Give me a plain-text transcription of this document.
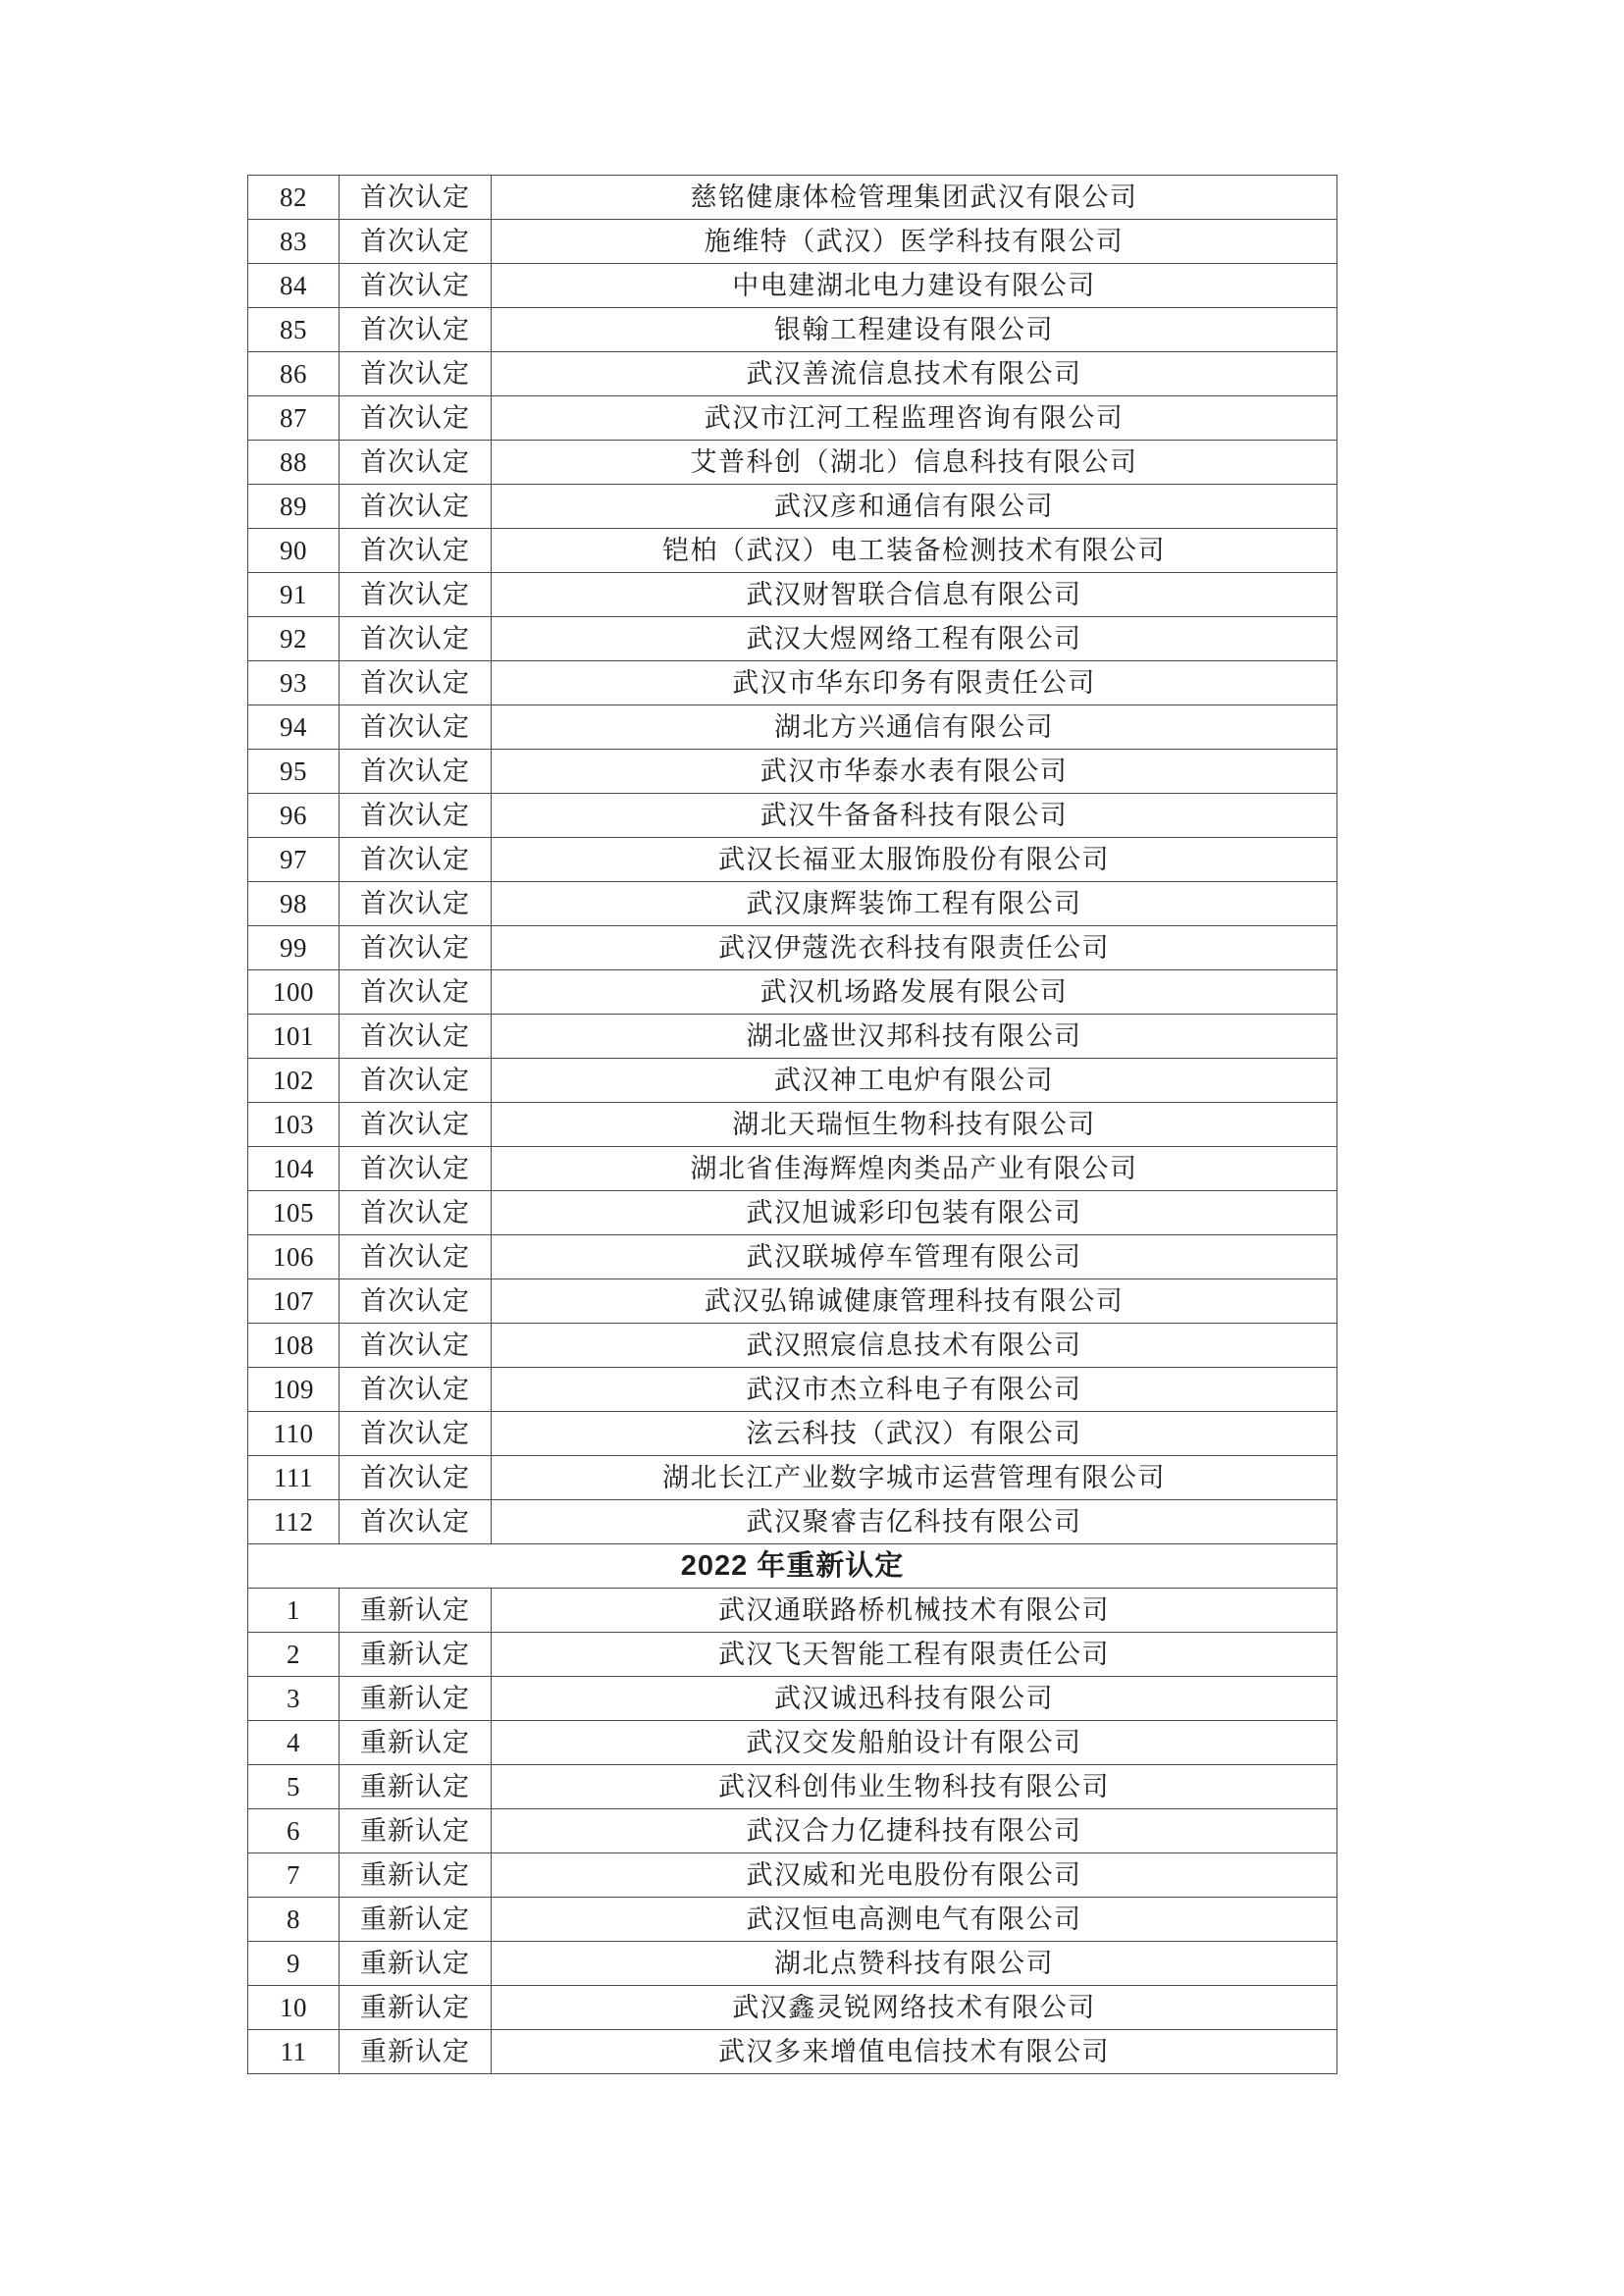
82	首次认定	慈铭健康体检管理集团武汉有限公司
83	首次认定	施维特（武汉）医学科技有限公司
84	首次认定	中电建湖北电力建设有限公司
85	首次认定	银翰工程建设有限公司
86	首次认定	武汉善流信息技术有限公司
87	首次认定	武汉市江河工程监理咨询有限公司
88	首次认定	艾普科创（湖北）信息科技有限公司
89	首次认定	武汉彦和通信有限公司
90	首次认定	铠柏（武汉）电工装备检测技术有限公司
91	首次认定	武汉财智联合信息有限公司
92	首次认定	武汉大煜网络工程有限公司
93	首次认定	武汉市华东印务有限责任公司
94	首次认定	湖北方兴通信有限公司
95	首次认定	武汉市华泰水表有限公司
96	首次认定	武汉牛备备科技有限公司
97	首次认定	武汉长福亚太服饰股份有限公司
98	首次认定	武汉康辉装饰工程有限公司
99	首次认定	武汉伊蔻洗衣科技有限责任公司
100	首次认定	武汉机场路发展有限公司
101	首次认定	湖北盛世汉邦科技有限公司
102	首次认定	武汉神工电炉有限公司
103	首次认定	湖北天瑞恒生物科技有限公司
104	首次认定	湖北省佳海辉煌肉类品产业有限公司
105	首次认定	武汉旭诚彩印包装有限公司
106	首次认定	武汉联城停车管理有限公司
107	首次认定	武汉弘锦诚健康管理科技有限公司
108	首次认定	武汉照宸信息技术有限公司
109	首次认定	武汉市杰立科电子有限公司
110	首次认定	泫云科技（武汉）有限公司
111	首次认定	湖北长江产业数字城市运营管理有限公司
112	首次认定	武汉聚睿吉亿科技有限公司
2022 年重新认定		
1	重新认定	武汉通联路桥机械技术有限公司
2	重新认定	武汉飞天智能工程有限责任公司
3	重新认定	武汉诚迅科技有限公司
4	重新认定	武汉交发船舶设计有限公司
5	重新认定	武汉科创伟业生物科技有限公司
6	重新认定	武汉合力亿捷科技有限公司
7	重新认定	武汉威和光电股份有限公司
8	重新认定	武汉恒电高测电气有限公司
9	重新认定	湖北点赞科技有限公司
10	重新认定	武汉鑫灵锐网络技术有限公司
11	重新认定	武汉多来增值电信技术有限公司
